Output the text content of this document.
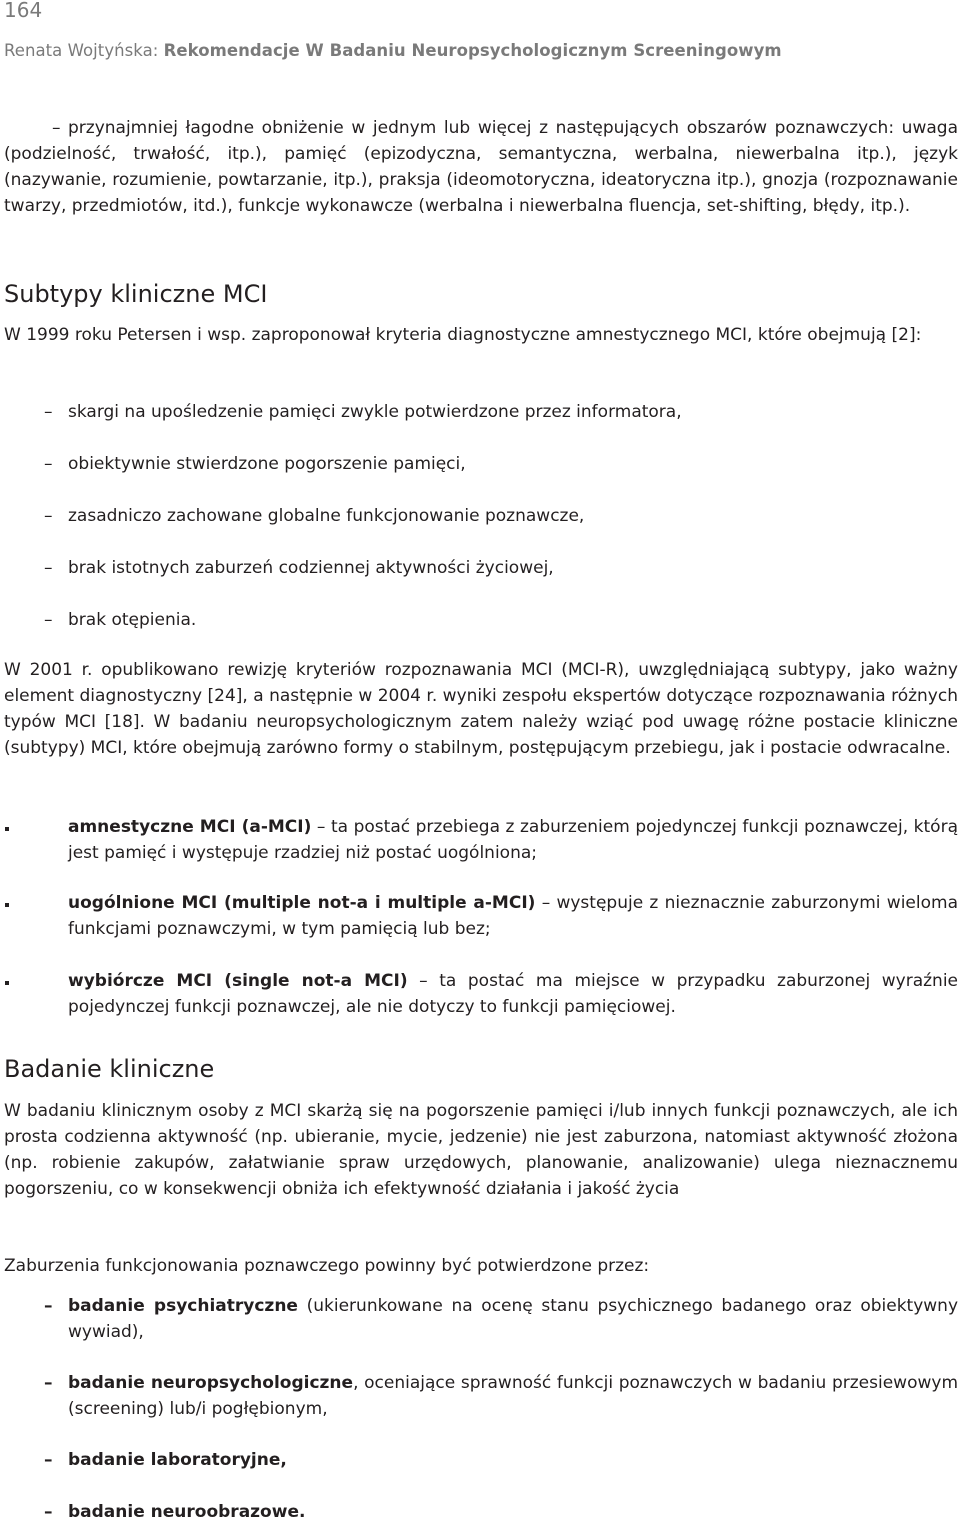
164
Renata Wojtyńska: Rekomendacje W Badaniu Neuropsychologicznym Screeningowym
– przynajmniej łagodne obniżenie w jednym lub więcej z następujących obszarów poznawczych: uwaga (podzielność, trwałość, itp.), pamięć (epizodyczna, semantyczna, werbalna, niewerbalna itp.), język (nazywanie, rozumienie, powtarzanie, itp.), praksja (ideomotoryczna, ideatoryczna itp.), gnozja (rozpoznawanie twarzy, przedmiotów, itd.), funkcje wykonawcze (werbalna i niewerbalna fluencja, set-shifting, błędy, itp.).
Subtypy kliniczne MCI
W 1999 roku Petersen i wsp. zaproponował kryteria diagnostyczne amnestycznego MCI, które obejmują [2]:
– skargi na upośledzenie pamięci zwykle potwierdzone przez informatora,
– obiektywnie stwierdzone pogorszenie pamięci,
– zasadniczo zachowane globalne funkcjonowanie poznawcze,
– brak istotnych zaburzeń codziennej aktywności życiowej,
– brak otępienia.
W 2001 r. opublikowano rewizję kryteriów rozpoznawania MCI (MCI-R), uwzględniającą subtypy, jako ważny element diagnostyczny [24], a następnie w 2004 r. wyniki zespołu ekspertów dotyczące rozpoznawania różnych typów MCI [18]. W badaniu neuropsychologicznym zatem należy wziąć pod uwagę różne postacie kliniczne (subtypy) MCI, które obejmują zarówno formy o stabilnym, postępującym przebiegu, jak i postacie odwracalne.
amnestyczne MCI (a-MCI) – ta postać przebiega z zaburzeniem pojedynczej funkcji poznawczej, którą jest pamięć i występuje rzadziej niż postać uogólniona;
uogólnione MCI (multiple not-a i multiple a-MCI) – występuje z nieznacznie zaburzonymi wieloma funkcjami poznawczymi, w tym pamięcią lub bez;
wybiórcze MCI (single not-a MCI) – ta postać ma miejsce w przypadku zaburzonej wyraźnie pojedynczej funkcji poznawczej, ale nie dotyczy to funkcji pamięciowej.
Badanie kliniczne
W badaniu klinicznym osoby z MCI skarżą się na pogorszenie pamięci i/lub innych funkcji poznawczych, ale ich prosta codzienna aktywność (np. ubieranie, mycie, jedzenie) nie jest zaburzona, natomiast aktywność złożona (np. robienie zakupów, załatwianie spraw urzędowych, planowanie, analizowanie) ulega nieznacznemu pogorszeniu, co w konsekwencji obniża ich efektywność działania i jakość życia
Zaburzenia funkcjonowania poznawczego powinny być potwierdzone przez:
– badanie psychiatryczne (ukierunkowane na ocenę stanu psychicznego badanego oraz obiektywny wywiad),
– badanie neuropsychologiczne, oceniające sprawność funkcji poznawczych w badaniu przesiewowym (screening) lub/i pogłębionym,
– badanie laboratoryjne,
– badanie neuroobrazowe.
